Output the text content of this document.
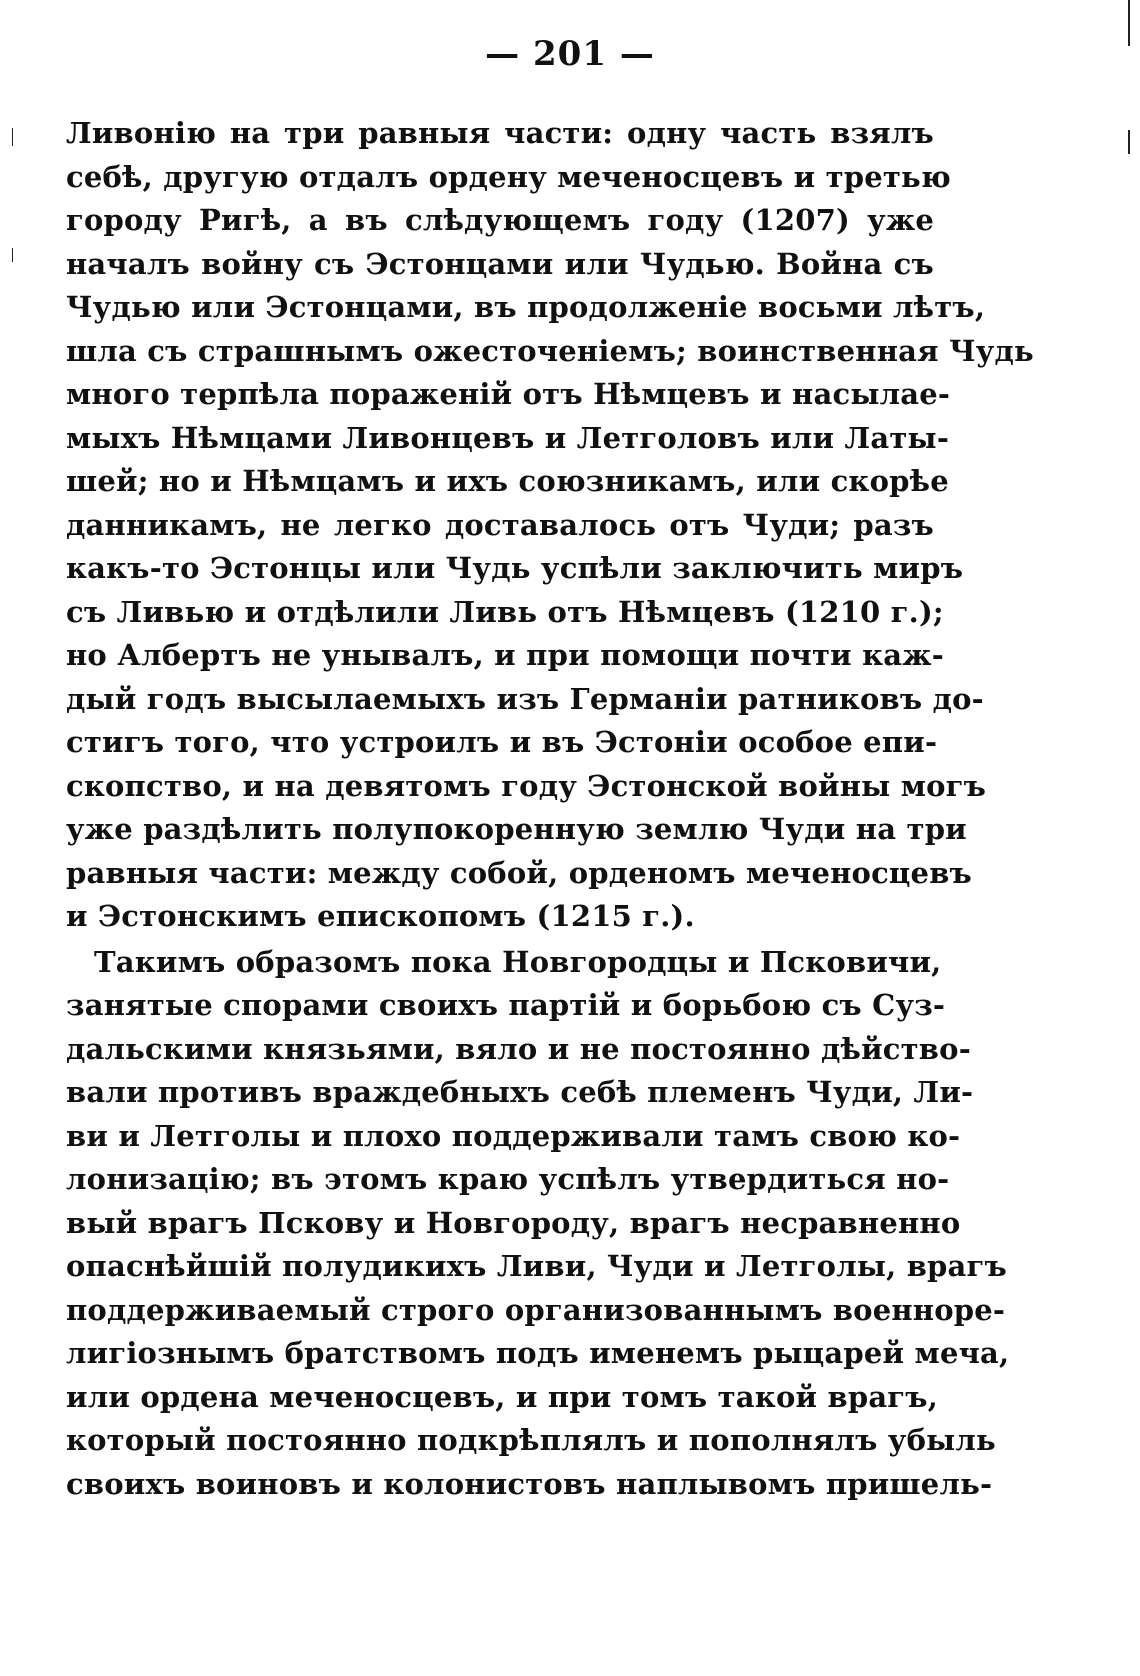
— 201 —
Ливонію на три равныя части: одну часть взялъ
себѣ, другую отдалъ ордену меченосцевъ и третью
городу Ригѣ, а въ слѣдующемъ году (1207) уже
началъ войну съ Эстонцами или Чудью. Война съ
Чудью или Эстонцами, въ продолженіе восьми лѣтъ,
шла съ страшнымъ ожесточеніемъ; воинственная Чудь
много терпѣла пораженій отъ Нѣмцевъ и насылае-
мыхъ Нѣмцами Ливонцевъ и Летголовъ или Латы-
шей; но и Нѣмцамъ и ихъ союзникамъ, или скорѣе
данникамъ, не легко доставалось отъ Чуди; разъ
какъ-то Эстонцы или Чудь успѣли заключить миръ
съ Ливью и отдѣлили Ливь отъ Нѣмцевъ (1210 г.);
но Албертъ не унывалъ, и при помощи почти каж-
дый годъ высылаемыхъ изъ Германіи ратниковъ до-
стигъ того, что устроилъ и въ Эстоніи особое епи-
скопство, и на девятомъ году Эстонской войны могъ
уже раздѣлить полупокоренную землю Чуди на три
равныя части: между собой, орденомъ меченосцевъ
и Эстонскимъ епископомъ (1215 г.).
Такимъ образомъ пока Новгородцы и Псковичи,
занятые спорами своихъ партій и борьбою съ Суз-
дальскими князьями, вяло и не постоянно дѣйство-
вали противъ враждебныхъ себѣ племенъ Чуди, Ли-
ви и Летголы и плохо поддерживали тамъ свою ко-
лонизацію; въ этомъ краю успѣлъ утвердиться но-
вый врагъ Пскову и Новгороду, врагъ несравненно
опаснѣйшій полудикихъ Ливи, Чуди и Летголы, врагъ
поддерживаемый строго организованнымъ военноре-
лигіознымъ братствомъ подъ именемъ рыцарей меча,
или ордена меченосцевъ, и при томъ такой врагъ,
который постоянно подкрѣплялъ и пополнялъ убыль
своихъ воиновъ и колонистовъ наплывомъ пришель-
